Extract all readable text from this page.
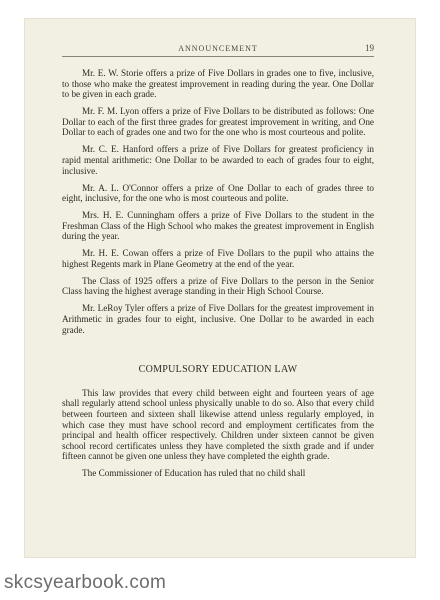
ANNOUNCEMENT	19

Mr. E. W. Storie offers a prize of Five Dollars in grades one to five, inclusive, to those who make the greatest improvement in reading during the year. One Dollar to be given in each grade.

Mr. F. M. Lyon offers a prize of Five Dollars to be distributed as follows: One Dollar to each of the first three grades for greatest improvement in writing, and One Dollar to each of grades one and two for the one who is most courteous and polite.

Mr. C. E. Hanford offers a prize of Five Dollars for greatest proficiency in rapid mental arithmetic: One Dollar to be awarded to each of grades four to eight, inclusive.

Mr. A. L. O'Connor offers a prize of One Dollar to each of grades three to eight, inclusive, for the one who is most courteous and polite.

Mrs. H. E. Cunningham offers a prize of Five Dollars to the student in the Freshman Class of the High School who makes the greatest improvement in English during the year.

Mr. H. E. Cowan offers a prize of Five Dollars to the pupil who attains the highest Regents mark in Plane Geometry at the end of the year.

The Class of 1925 offers a prize of Five Dollars to the person in the Senior Class having the highest average standing in their High School Course.

Mr. LeRoy Tyler offers a prize of Five Dollars for the greatest improvement in Arithmetic in grades four to eight, inclusive. One Dollar to be awarded in each grade.

COMPULSORY EDUCATION LAW

This law provides that every child between eight and fourteen years of age shall regularly attend school unless physically unable to do so. Also that every child between fourteen and sixteen shall likewise attend unless regularly employed, in which case they must have school record and employment certificates from the principal and health officer respectively. Children under sixteen cannot be given school record certificates unless they have completed the sixth grade and if under fifteen cannot be given one unless they have completed the eighth grade.

The Commissioner of Education has ruled that no child shall

skcsyearbook.com
